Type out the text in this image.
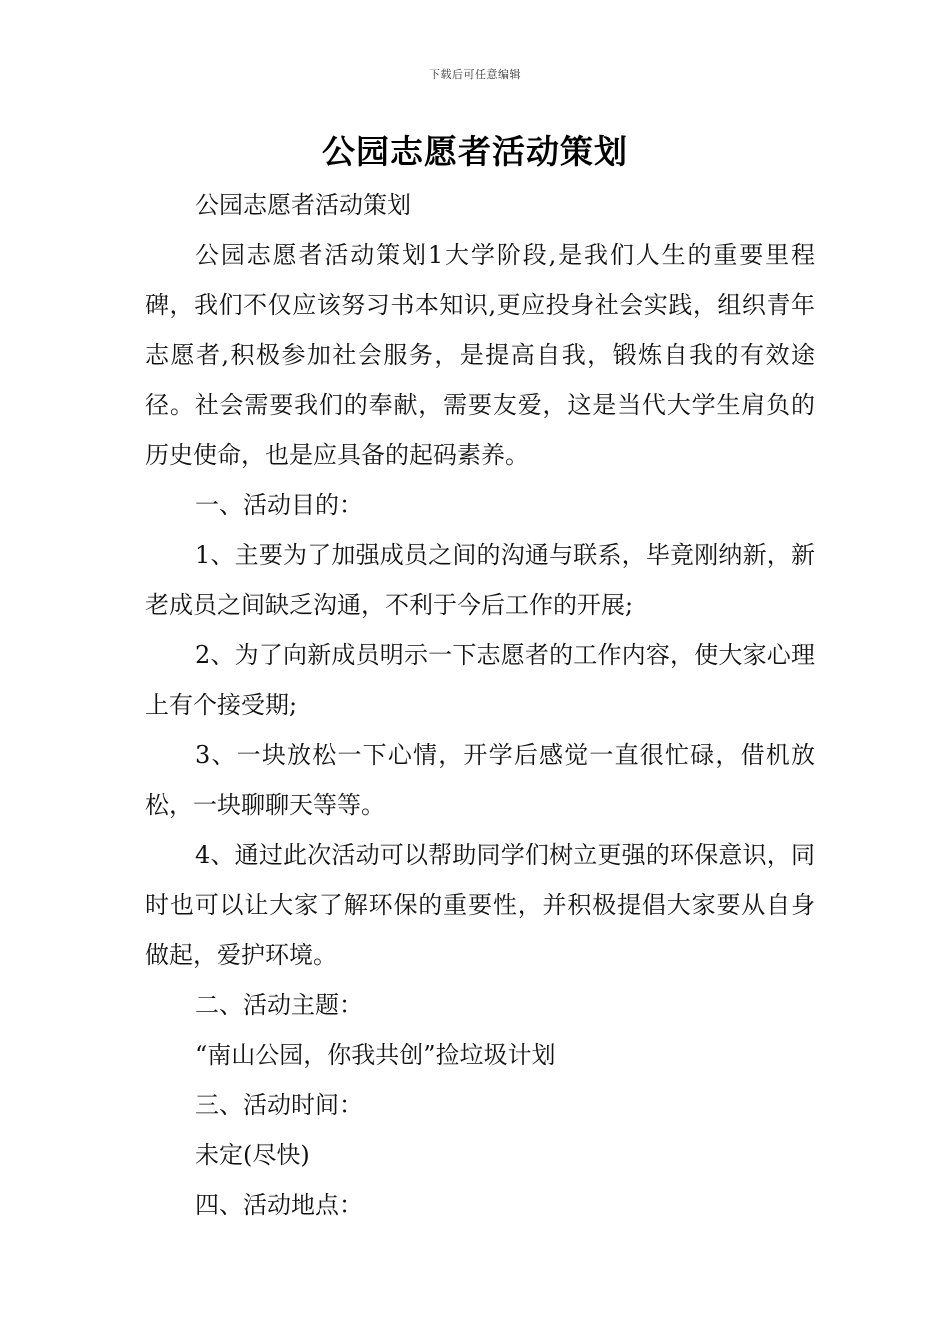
下载后可任意编辑
公园志愿者活动策划

公园志愿者活动策划

公园志愿者活动策划1大学阶段,是我们人生的重要里程碑，我们不仅应该努习书本知识,更应投身社会实践，组织青年志愿者,积极参加社会服务，是提高自我，锻炼自我的有效途径。社会需要我们的奉献，需要友爱，这是当代大学生肩负的历史使命，也是应具备的起码素养。

一、活动目的：

1、主要为了加强成员之间的沟通与联系，毕竟刚纳新，新老成员之间缺乏沟通，不利于今后工作的开展;

2、为了向新成员明示一下志愿者的工作内容，使大家心理上有个接受期;

3、一块放松一下心情，开学后感觉一直很忙碌，借机放松，一块聊聊天等等。

4、通过此次活动可以帮助同学们树立更强的环保意识，同时也可以让大家了解环保的重要性，并积极提倡大家要从自身做起，爱护环境。

二、活动主题：

“南山公园，你我共创”捡垃圾计划

三、活动时间：

未定(尽快)

四、活动地点：
